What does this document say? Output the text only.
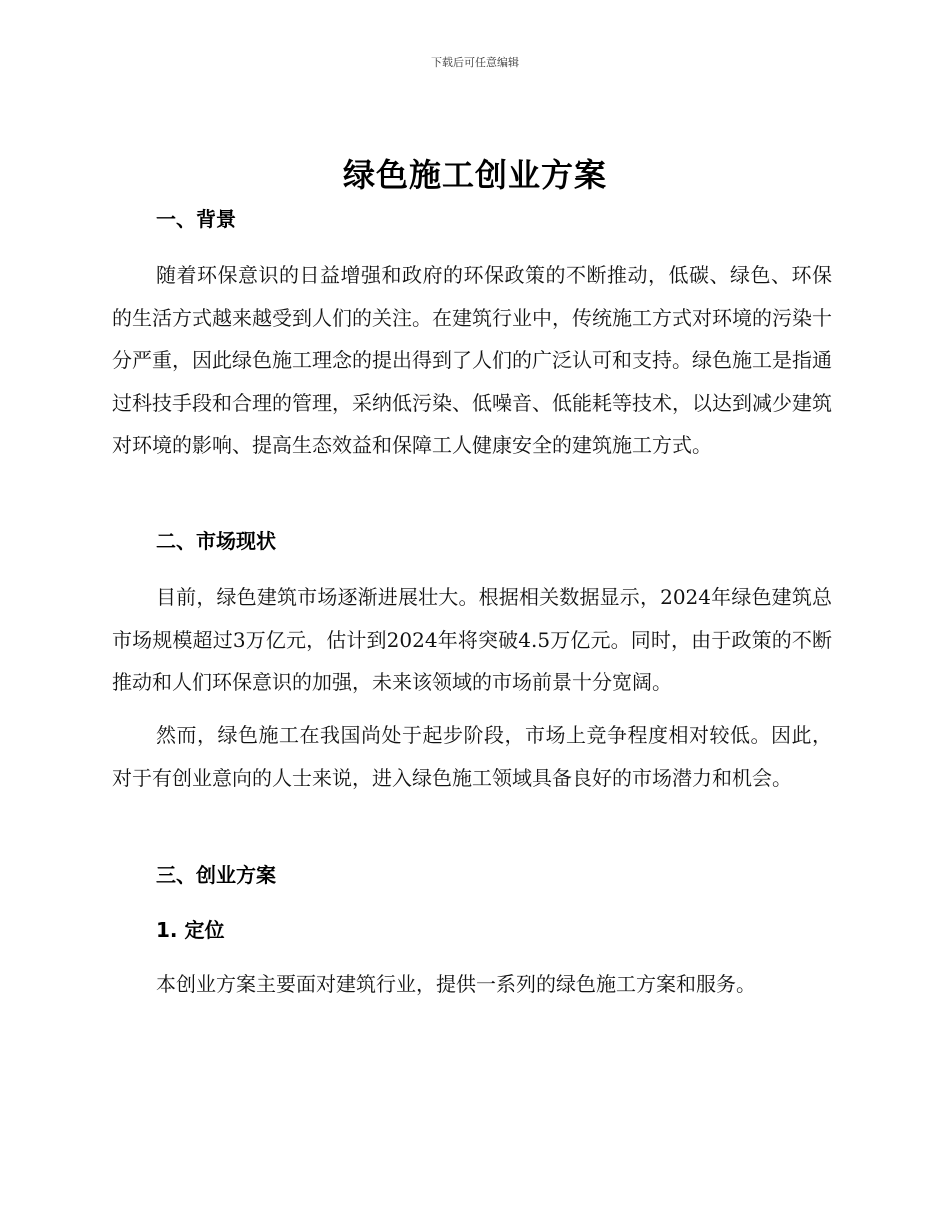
下载后可任意编辑
绿色施工创业方案
一、背景

随着环保意识的日益增强和政府的环保政策的不断推动，低碳、绿色、环保的生活方式越来越受到人们的关注。在建筑行业中，传统施工方式对环境的污染十分严重，因此绿色施工理念的提出得到了人们的广泛认可和支持。绿色施工是指通过科技手段和合理的管理，采纳低污染、低噪音、低能耗等技术，以达到减少建筑对环境的影响、提高生态效益和保障工人健康安全的建筑施工方式。

二、市场现状

目前，绿色建筑市场逐渐进展壮大。根据相关数据显示，2024年绿色建筑总市场规模超过3万亿元，估计到2024年将突破4.5万亿元。同时，由于政策的不断推动和人们环保意识的加强，未来该领域的市场前景十分宽阔。

然而，绿色施工在我国尚处于起步阶段，市场上竞争程度相对较低。因此，对于有创业意向的人士来说，进入绿色施工领域具备良好的市场潜力和机会。

三、创业方案
1. 定位

本创业方案主要面对建筑行业，提供一系列的绿色施工方案和服务。
